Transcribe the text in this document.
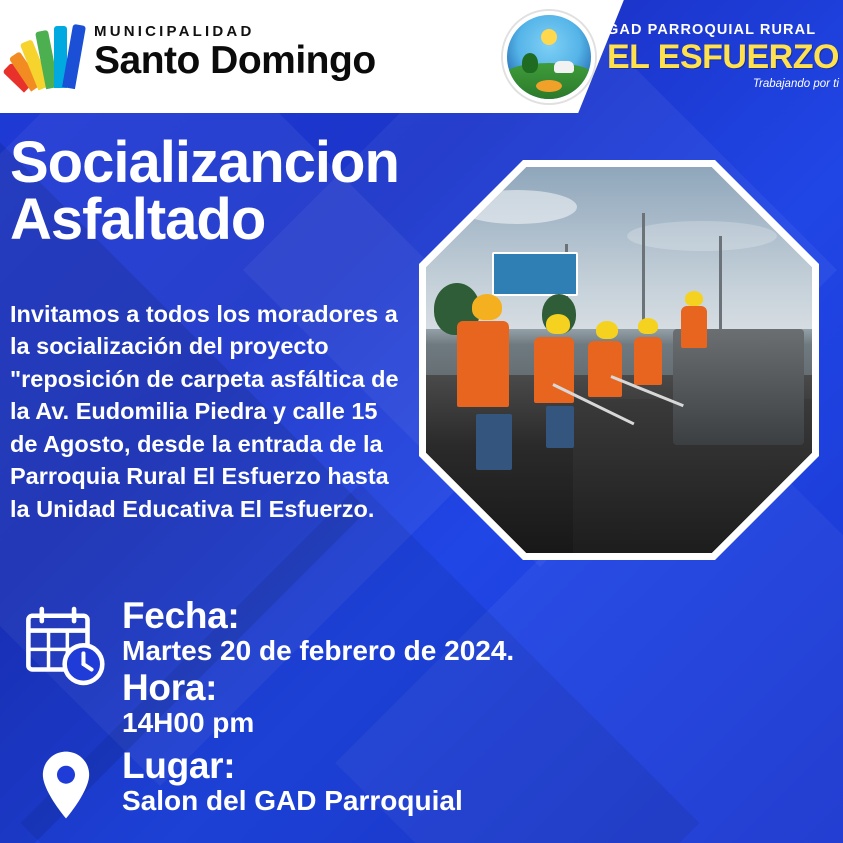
MUNICIPALIDAD
Santo Domingo
GAD PARROQUIAL RURAL
EL ESFUERZO
Trabajando por ti
Socializancion
Asfaltado
Invitamos a todos los moradores a la socialización del proyecto "reposición de carpeta asfáltica de la Av. Eudomilia Piedra y calle 15 de Agosto, desde la entrada de la Parroquia Rural El Esfuerzo hasta la Unidad Educativa El Esfuerzo.
Fecha:
Martes 20 de febrero de 2024.
Hora:
14H00 pm
Lugar:
Salon del GAD Parroquial
